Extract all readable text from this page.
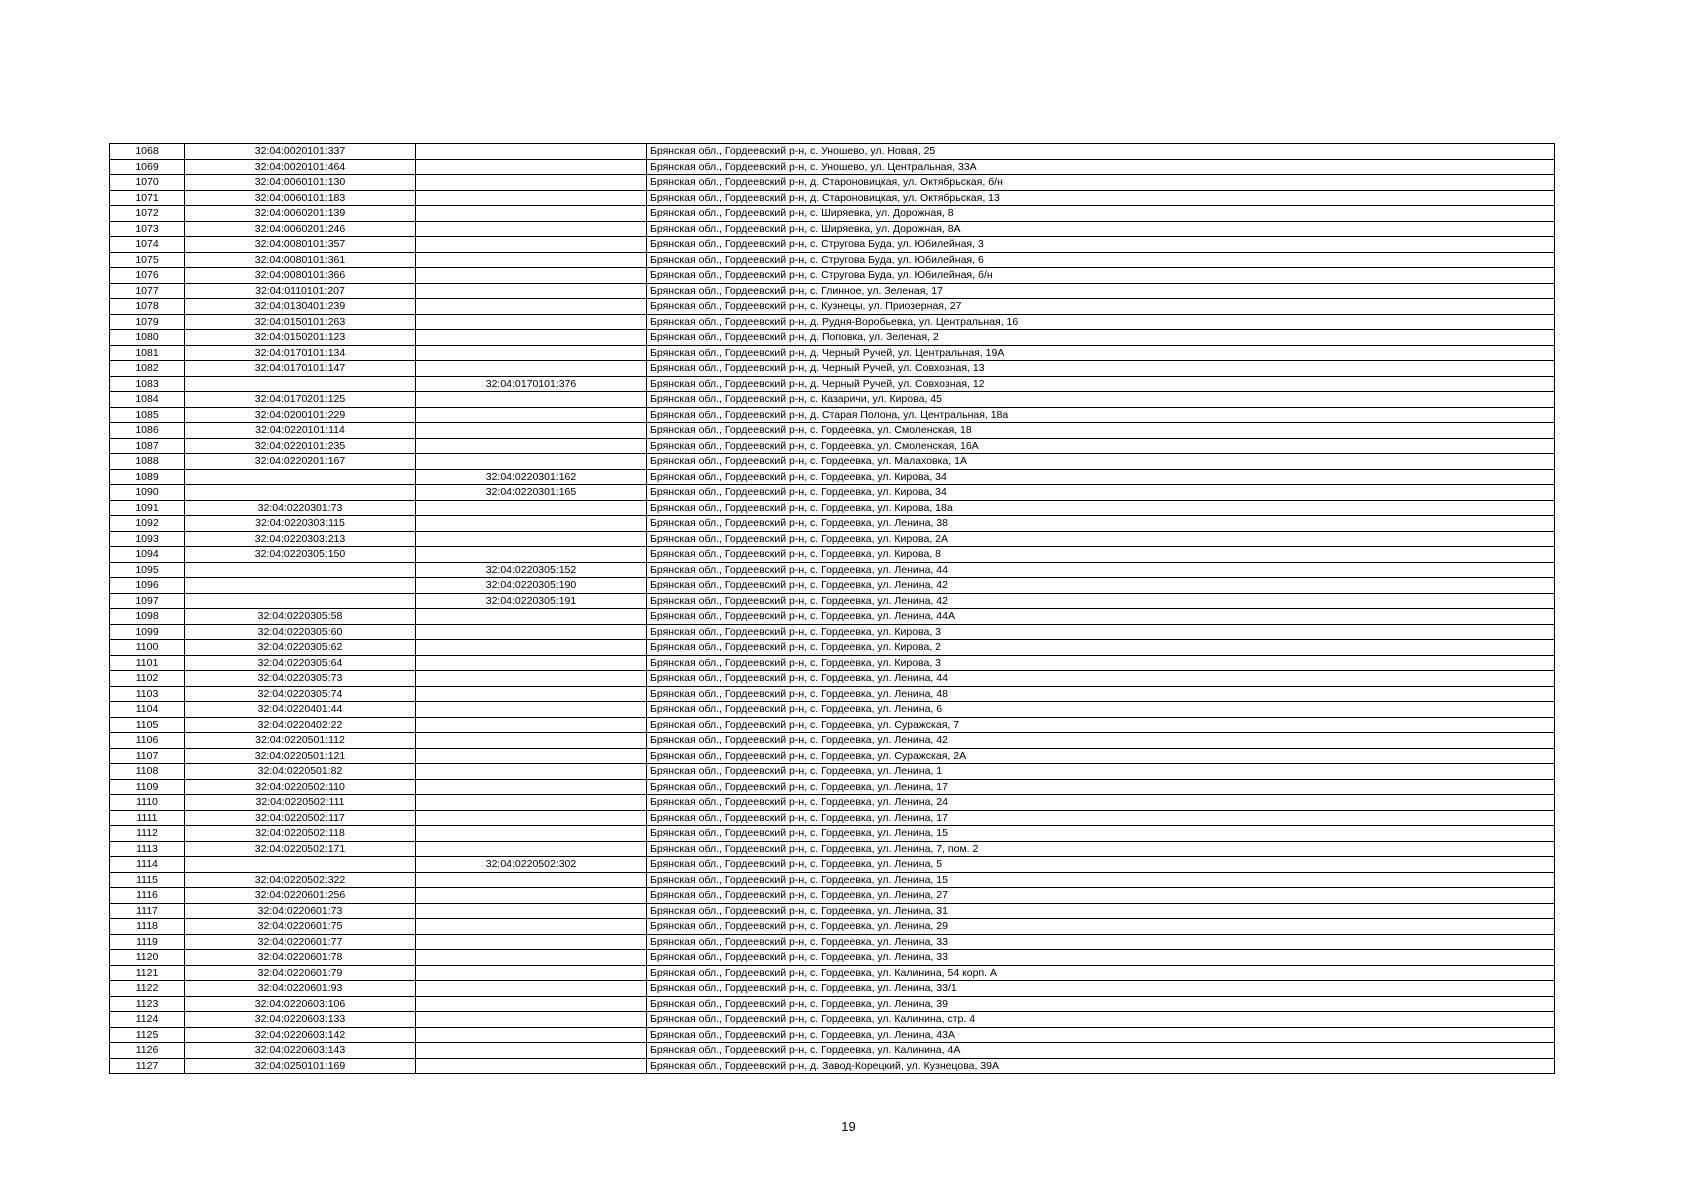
1068	32:04:0020101:337		Брянская обл., Гордеевский р-н, с. Уношево, ул. Новая, 25
1069	32:04:0020101:464		Брянская обл., Гордеевский р-н, с. Уношево, ул. Центральная, 33А
1070	32:04:0060101:130		Брянская обл., Гордеевский р-н, д. Староновицкая, ул. Октябрьская, б/н
1071	32:04:0060101:183		Брянская обл., Гордеевский р-н, д. Староновицкая, ул. Октябрьская, 13
1072	32:04:0060201:139		Брянская обл., Гордеевский р-н, с. Ширяевка, ул. Дорожная, 8
1073	32:04:0060201:246		Брянская обл., Гордеевский р-н, с. Ширяевка, ул. Дорожная, 8А
1074	32:04:0080101:357		Брянская обл., Гордеевский р-н, с. Стругова Буда, ул. Юбилейная, 3
1075	32:04:0080101:361		Брянская обл., Гордеевский р-н, с. Стругова Буда, ул. Юбилейная, 6
1076	32:04:0080101:366		Брянская обл., Гордеевский р-н, с. Стругова Буда, ул. Юбилейная, б/н
1077	32:04:0110101:207		Брянская обл., Гордеевский р-н, с. Глинное, ул. Зеленая, 17
1078	32:04:0130401:239		Брянская обл., Гордеевский р-н, с. Кузнецы, ул. Приозерная, 27
1079	32:04:0150101:263		Брянская обл., Гордеевский р-н, д. Рудня-Воробьевка, ул. Центральная, 16
1080	32:04:0150201:123		Брянская обл., Гордеевский р-н, д. Поповка, ул. Зеленая, 2
1081	32:04:0170101:134		Брянская обл., Гордеевский р-н, д. Черный Ручей, ул. Центральная, 19А
1082	32:04:0170101:147		Брянская обл., Гордеевский р-н, д. Черный Ручей, ул. Совхозная, 13
1083		32:04:0170101:376	Брянская обл., Гордеевский р-н, д. Черный Ручей, ул. Совхозная, 12
1084	32:04:0170201:125		Брянская обл., Гордеевский р-н, с. Казаричи, ул. Кирова, 45
1085	32:04:0200101:229		Брянская обл., Гордеевский р-н, д. Старая Полона, ул. Центральная, 18а
1086	32:04:0220101:114		Брянская обл., Гордеевский р-н, с. Гордеевка, ул. Смоленская, 18
1087	32:04:0220101:235		Брянская обл., Гордеевский р-н, с. Гордеевка, ул. Смоленская, 16А
1088	32:04:0220201:167		Брянская обл., Гордеевский р-н, с. Гордеевка, ул. Малаховка, 1А
1089		32:04:0220301:162	Брянская обл., Гордеевский р-н, с. Гордеевка, ул. Кирова, 34
1090		32:04:0220301:165	Брянская обл., Гордеевский р-н, с. Гордеевка, ул. Кирова, 34
1091	32:04:0220301:73		Брянская обл., Гордеевский р-н, с. Гордеевка, ул. Кирова, 18а
1092	32:04:0220303:115		Брянская обл., Гордеевский р-н, с. Гордеевка, ул. Ленина, 38
1093	32:04:0220303:213		Брянская обл., Гордеевский р-н, с. Гордеевка, ул. Кирова, 2А
1094	32:04:0220305:150		Брянская обл., Гордеевский р-н, с. Гордеевка, ул. Кирова, 8
1095		32:04:0220305:152	Брянская обл., Гордеевский р-н, с. Гордеевка, ул. Ленина, 44
1096		32:04:0220305:190	Брянская обл., Гордеевский р-н, с. Гордеевка, ул. Ленина, 42
1097		32:04:0220305:191	Брянская обл., Гордеевский р-н, с. Гордеевка, ул. Ленина, 42
1098	32:04:0220305:58		Брянская обл., Гордеевский р-н, с. Гордеевка, ул. Ленина, 44А
1099	32:04:0220305:60		Брянская обл., Гордеевский р-н, с. Гордеевка, ул. Кирова, 3
1100	32:04:0220305:62		Брянская обл., Гордеевский р-н, с. Гордеевка, ул. Кирова, 2
1101	32:04:0220305:64		Брянская обл., Гордеевский р-н, с. Гордеевка, ул. Кирова, 3
1102	32:04:0220305:73		Брянская обл., Гордеевский р-н, с. Гордеевка, ул. Ленина, 44
1103	32:04:0220305:74		Брянская обл., Гордеевский р-н, с. Гордеевка, ул. Ленина, 48
1104	32:04:0220401:44		Брянская обл., Гордеевский р-н, с. Гордеевка, ул. Ленина, 6
1105	32:04:0220402:22		Брянская обл., Гордеевский р-н, с. Гордеевка, ул. Суражская, 7
1106	32:04:0220501:112		Брянская обл., Гордеевский р-н, с. Гордеевка, ул. Ленина, 42
1107	32:04:0220501:121		Брянская обл., Гордеевский р-н, с. Гордеевка, ул. Суражская, 2А
1108	32:04:0220501:82		Брянская обл., Гордеевский р-н, с. Гордеевка, ул. Ленина, 1
1109	32:04:0220502:110		Брянская обл., Гордеевский р-н, с. Гордеевка, ул. Ленина, 17
1110	32:04:0220502:111		Брянская обл., Гордеевский р-н, с. Гордеевка, ул. Ленина, 24
1111	32:04:0220502:117		Брянская обл., Гордеевский р-н, с. Гордеевка, ул. Ленина, 17
1112	32:04:0220502:118		Брянская обл., Гордеевский р-н, с. Гордеевка, ул. Ленина, 15
1113	32:04:0220502:171		Брянская обл., Гордеевский р-н, с. Гордеевка, ул. Ленина, 7, пом. 2
1114		32:04:0220502:302	Брянская обл., Гордеевский р-н, с. Гордеевка, ул. Ленина, 5
1115	32:04:0220502:322		Брянская обл., Гордеевский р-н, с. Гордеевка, ул. Ленина, 15
1116	32:04:0220601:256		Брянская обл., Гордеевский р-н, с. Гордеевка, ул. Ленина, 27
1117	32:04:0220601:73		Брянская обл., Гордеевский р-н, с. Гордеевка, ул. Ленина, 31
1118	32:04:0220601:75		Брянская обл., Гордеевский р-н, с. Гордеевка, ул. Ленина, 29
1119	32:04:0220601:77		Брянская обл., Гордеевский р-н, с. Гордеевка, ул. Ленина, 33
1120	32:04:0220601:78		Брянская обл., Гордеевский р-н, с. Гордеевка, ул. Ленина, 33
1121	32:04:0220601:79		Брянская обл., Гордеевский р-н, с. Гордеевка, ул. Калинина, 54 корп. А
1122	32:04:0220601:93		Брянская обл., Гордеевский р-н, с. Гордеевка, ул. Ленина, 33/1
1123	32:04:0220603:106		Брянская обл., Гордеевский р-н, с. Гордеевка, ул. Ленина, 39
1124	32:04:0220603:133		Брянская обл., Гордеевский р-н, с. Гордеевка, ул. Калинина, стр. 4
1125	32:04:0220603:142		Брянская обл., Гордеевский р-н, с. Гордеевка, ул. Ленина, 43А
1126	32:04:0220603:143		Брянская обл., Гордеевский р-н, с. Гордеевка, ул. Калинина, 4А
1127	32:04:0250101:169		Брянская обл., Гордеевский р-н, д. Завод-Корецкий, ул. Кузнецова, 39А
19
